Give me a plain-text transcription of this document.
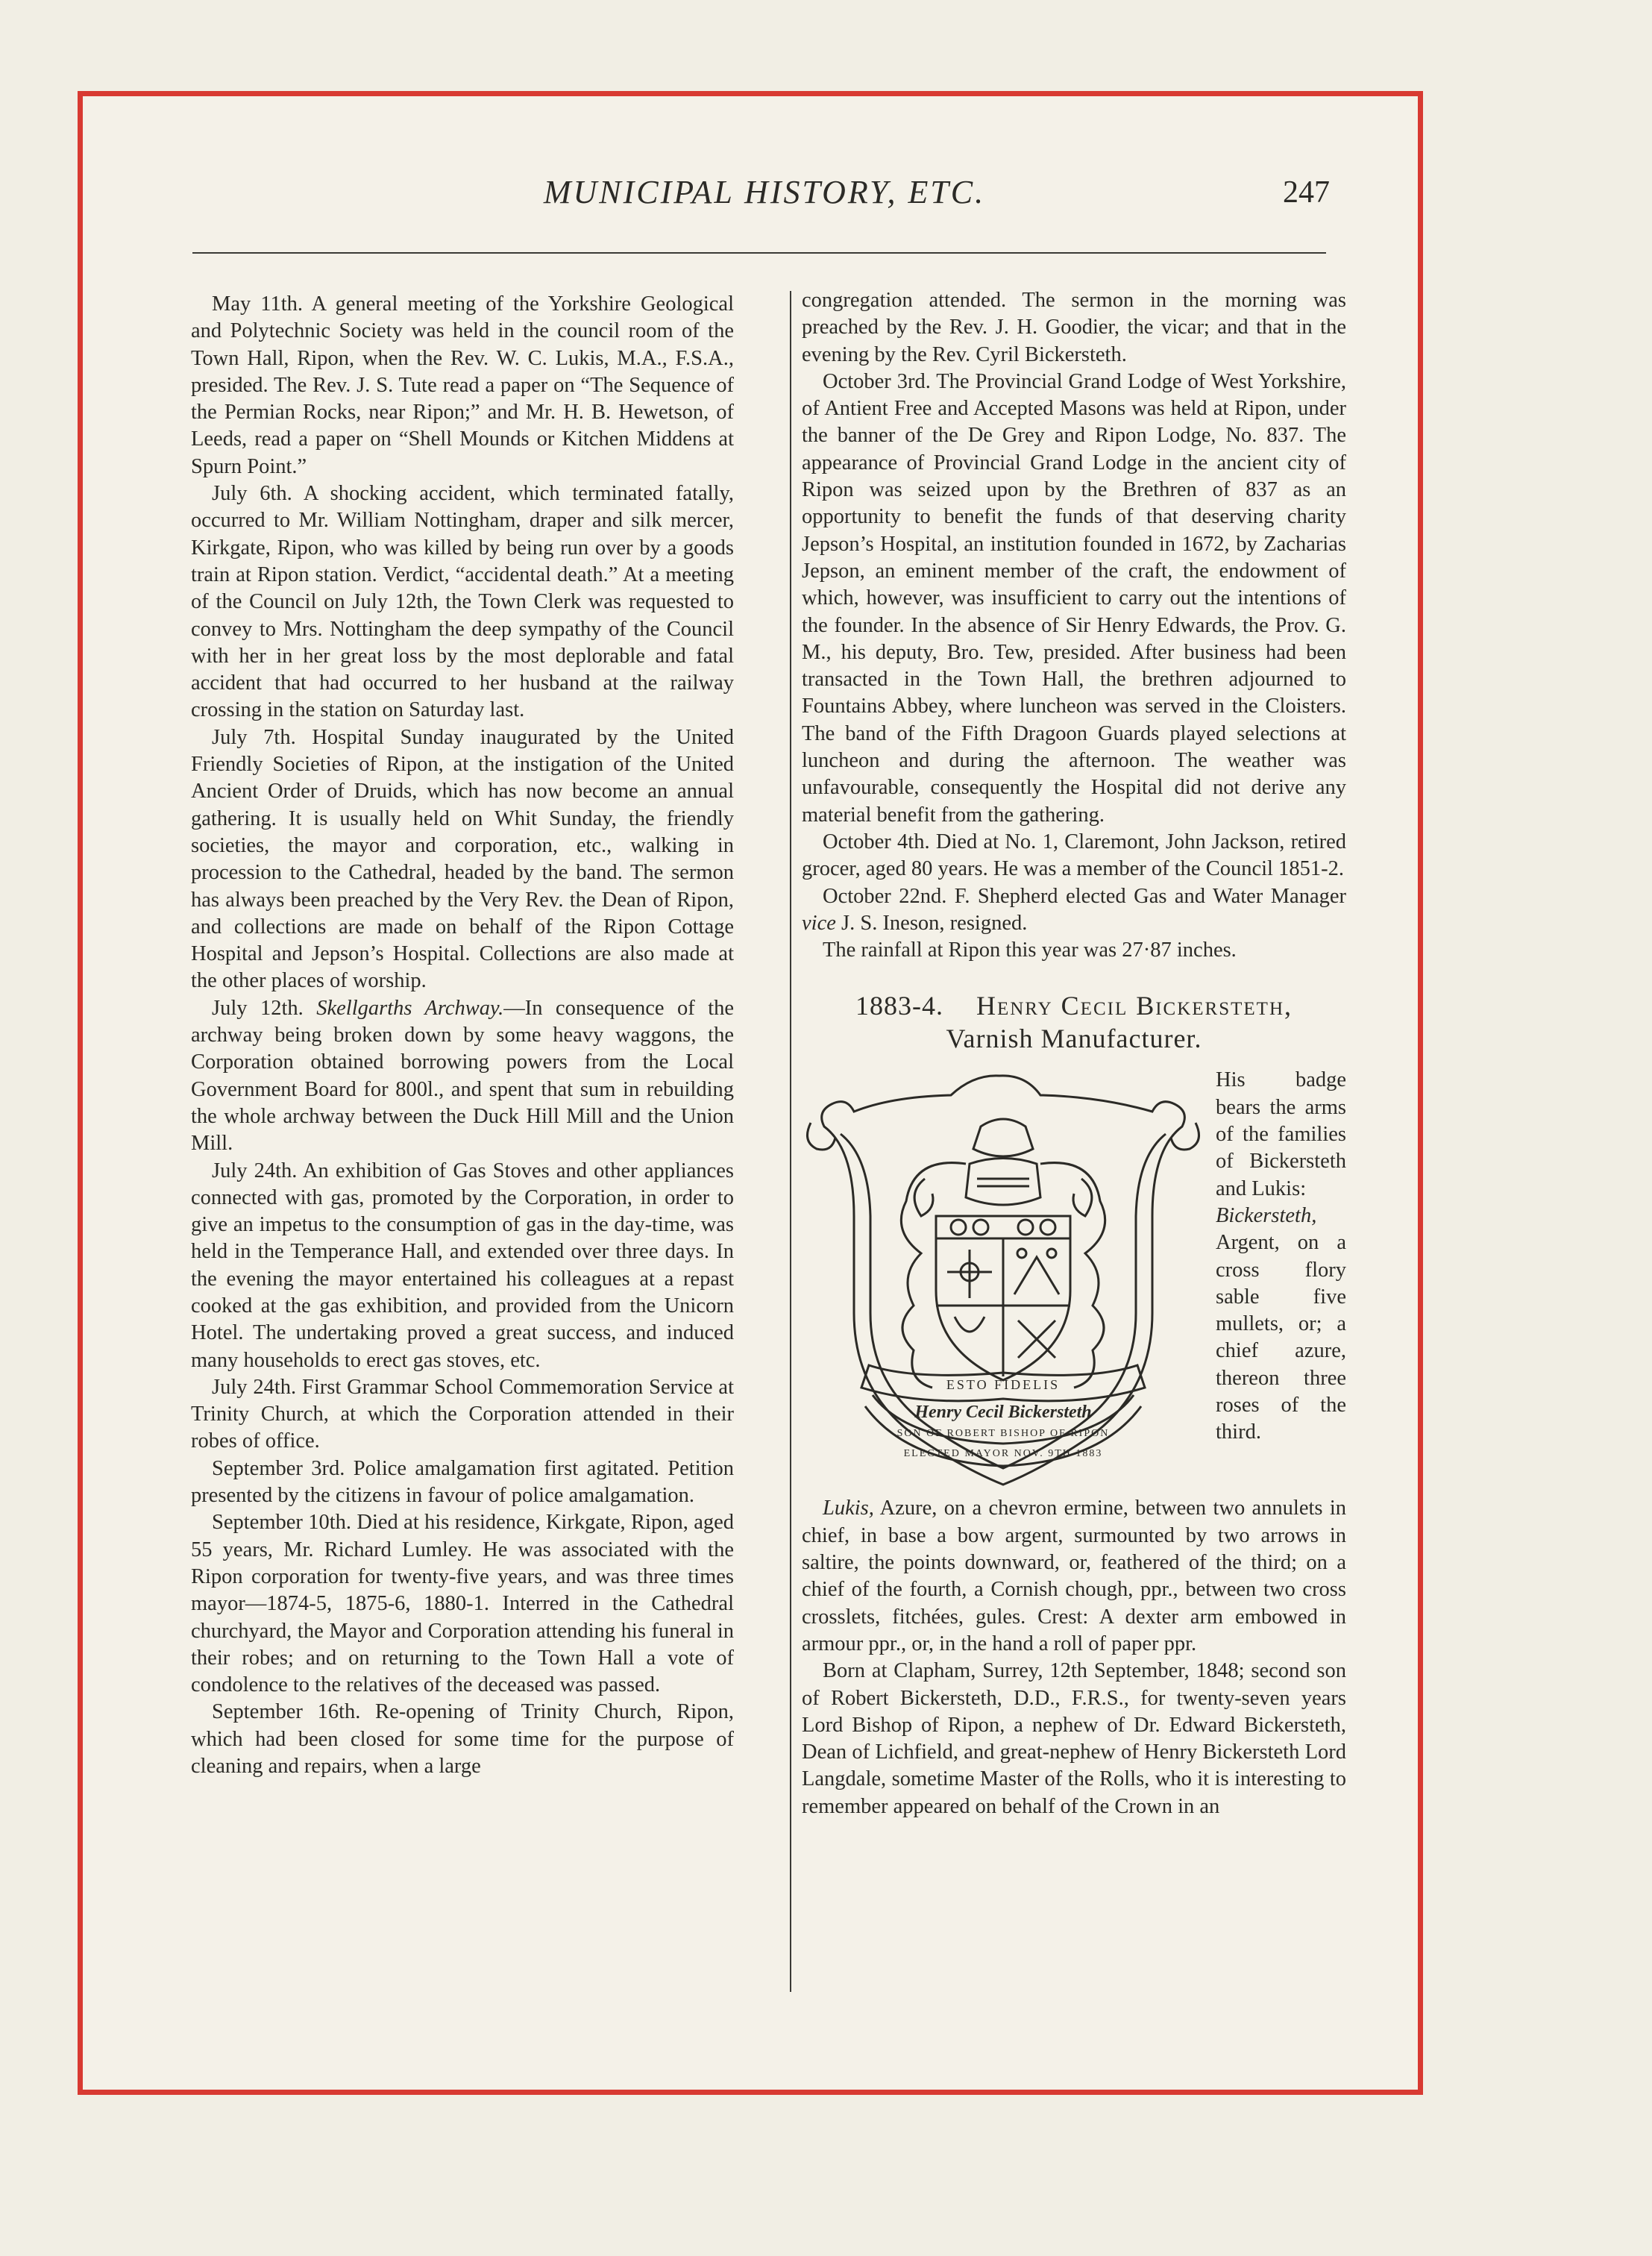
MUNICIPAL HISTORY, ETC.	247

May 11th. A general meeting of the Yorkshire Geological and Polytechnic Society was held in the council room of the Town Hall, Ripon, when the Rev. W. C. Lukis, M.A., F.S.A., presided. The Rev. J. S. Tute read a paper on “The Sequence of the Permian Rocks, near Ripon;” and Mr. H. B. Hewetson, of Leeds, read a paper on “Shell Mounds or Kitchen Middens at Spurn Point.”

July 6th. A shocking accident, which terminated fatally, occurred to Mr. William Nottingham, draper and silk mercer, Kirkgate, Ripon, who was killed by being run over by a goods train at Ripon station. Verdict, “accidental death.” At a meeting of the Council on July 12th, the Town Clerk was requested to convey to Mrs. Nottingham the deep sympathy of the Council with her in her great loss by the most deplorable and fatal accident that had occurred to her husband at the railway crossing in the station on Saturday last.

July 7th. Hospital Sunday inaugurated by the United Friendly Societies of Ripon, at the instigation of the United Ancient Order of Druids, which has now become an annual gathering. It is usually held on Whit Sunday, the friendly societies, the mayor and corporation, etc., walking in procession to the Cathedral, headed by the band. The sermon has always been preached by the Very Rev. the Dean of Ripon, and collections are made on behalf of the Ripon Cottage Hospital and Jepson’s Hospital. Collections are also made at the other places of worship.

July 12th. Skellgarths Archway.—In consequence of the archway being broken down by some heavy waggons, the Corporation obtained borrowing powers from the Local Government Board for 800l., and spent that sum in rebuilding the whole archway between the Duck Hill Mill and the Union Mill.

July 24th. An exhibition of Gas Stoves and other appliances connected with gas, promoted by the Corporation, in order to give an impetus to the consumption of gas in the day-time, was held in the Temperance Hall, and extended over three days. In the evening the mayor entertained his colleagues at a repast cooked at the gas exhibition, and provided from the Unicorn Hotel. The undertaking proved a great success, and induced many households to erect gas stoves, etc.

July 24th. First Grammar School Commemoration Service at Trinity Church, at which the Corporation attended in their robes of office.

September 3rd. Police amalgamation first agitated. Petition presented by the citizens in favour of police amalgamation.

September 10th. Died at his residence, Kirkgate, Ripon, aged 55 years, Mr. Richard Lumley. He was associated with the Ripon corporation for twenty-five years, and was three times mayor—1874-5, 1875-6, 1880-1. Interred in the Cathedral churchyard, the Mayor and Corporation attending his funeral in their robes; and on returning to the Town Hall a vote of condolence to the relatives of the deceased was passed.

September 16th. Re-opening of Trinity Church, Ripon, which had been closed for some time for the purpose of cleaning and repairs, when a large

congregation attended. The sermon in the morning was preached by the Rev. J. H. Goodier, the vicar; and that in the evening by the Rev. Cyril Bickersteth.

October 3rd. The Provincial Grand Lodge of West Yorkshire, of Antient Free and Accepted Masons was held at Ripon, under the banner of the De Grey and Ripon Lodge, No. 837. The appearance of Provincial Grand Lodge in the ancient city of Ripon was seized upon by the Brethren of 837 as an opportunity to benefit the funds of that deserving charity Jepson’s Hospital, an institution founded in 1672, by Zacharias Jepson, an eminent member of the craft, the endowment of which, however, was insufficient to carry out the intentions of the founder. In the absence of Sir Henry Edwards, the Prov. G. M., his deputy, Bro. Tew, presided. After business had been transacted in the Town Hall, the brethren adjourned to Fountains Abbey, where luncheon was served in the Cloisters. The band of the Fifth Dragoon Guards played selections at luncheon and during the afternoon. The weather was unfavourable, consequently the Hospital did not derive any material benefit from the gathering.

October 4th. Died at No. 1, Claremont, John Jackson, retired grocer, aged 80 years. He was a member of the Council 1851-2.

October 22nd. F. Shepherd elected Gas and Water Manager vice J. S. Ineson, resigned.

The rainfall at Ripon this year was 27·87 inches.

1883-4. Henry Cecil Bickersteth,
Varnish Manufacturer.
ESTO FIDELIS
Henry Cecil Bickersteth
SON OF ROBERT BISHOP OF RIPON
ELECTED MAYOR NOV. 9TH 1883
His badge bears the arms of the families of Bickersteth and Lukis:
Bickersteth,
Argent, on a cross flory sable five mullets, or; a chief azure, thereon three roses of the third.

Lukis, Azure, on a chevron ermine, between two annulets in chief, in base a bow argent, surmounted by two arrows in saltire, the points downward, or, feathered of the third; on a chief of the fourth, a Cornish chough, ppr., between two cross crosslets, fitchées, gules. Crest: A dexter arm embowed in armour ppr., or, in the hand a roll of paper ppr.

Born at Clapham, Surrey, 12th September, 1848; second son of Robert Bickersteth, D.D., F.R.S., for twenty-seven years Lord Bishop of Ripon, a nephew of Dr. Edward Bickersteth, Dean of Lichfield, and great-nephew of Henry Bickersteth Lord Langdale, sometime Master of the Rolls, who it is interesting to remember appeared on behalf of the Crown in an
